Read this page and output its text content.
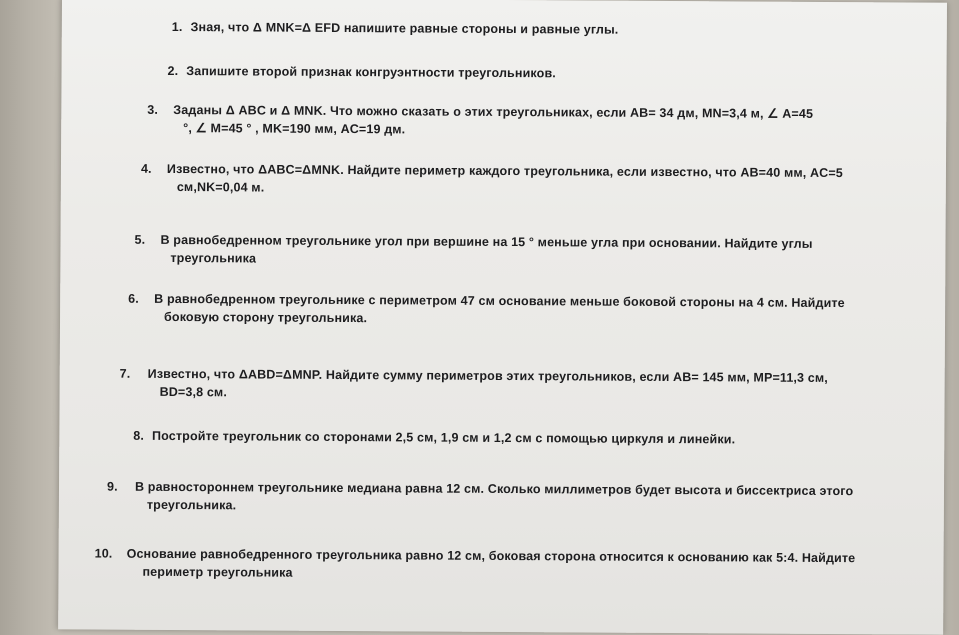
1. Зная, что Δ MNK=Δ EFD напишите равные стороны и равные углы.
2. Запишите второй признак конгруэнтности треугольников.
3. Заданы Δ ABC и Δ MNK. Что можно сказать о этих треугольниках, если AB= 34 дм, MN=3,4 м, ∠ A=45 °, ∠ M=45 ° , MK=190 мм, AC=19 дм.
4. Известно, что ΔABC=ΔMNK. Найдите периметр каждого треугольника, если известно, что AB=40 мм, AC=5 см,NK=0,04 м.
5. В равнобедренном треугольнике угол при вершине на 15 ° меньше угла при основании. Найдите углы треугольника
6. В равнобедренном треугольнике с периметром 47 см основание меньше боковой стороны на 4 см. Найдите боковую сторону треугольника.
7. Известно, что ΔABD=ΔMNP. Найдите сумму периметров этих треугольников, если AB= 145 мм, MP=11,3 см, BD=3,8 см.
8. Постройте треугольник со сторонами 2,5 см, 1,9 см и 1,2 см с помощью циркуля и линейки.
9. В равностороннем треугольнике медиана равна 12 см. Сколько миллиметров будет высота и биссектриса этого треугольника.
10. Основание равнобедренного треугольника равно 12 см, боковая сторона относится к основанию как 5:4. Найдите периметр треугольника
